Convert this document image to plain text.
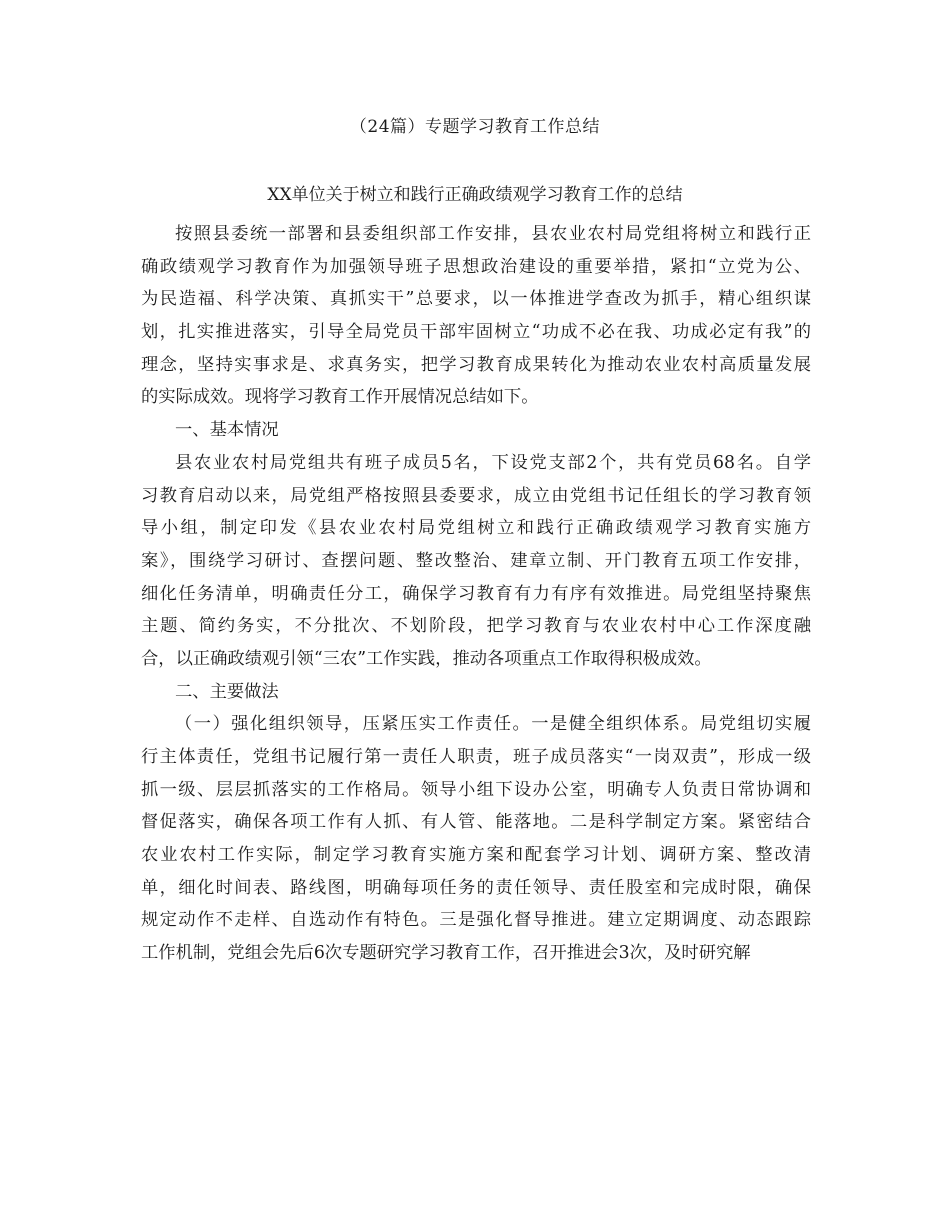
（24篇）专题学习教育工作总结
XX单位关于树立和践行正确政绩观学习教育工作的总结
按照县委统一部署和县委组织部工作安排，县农业农村局党组将树立和践行正
确政绩观学习教育作为加强领导班子思想政治建设的重要举措，紧扣“立党为公、
为民造福、科学决策、真抓实干”总要求，以一体推进学查改为抓手，精心组织谋
划，扎实推进落实，引导全局党员干部牢固树立“功成不必在我、功成必定有我”的
理念，坚持实事求是、求真务实，把学习教育成果转化为推动农业农村高质量发展
的实际成效。现将学习教育工作开展情况总结如下。
一、基本情况
县农业农村局党组共有班子成员5名，下设党支部2个，共有党员68名。自学
习教育启动以来，局党组严格按照县委要求，成立由党组书记任组长的学习教育领
导小组，制定印发《县农业农村局党组树立和践行正确政绩观学习教育实施方
案》，围绕学习研讨、查摆问题、整改整治、建章立制、开门教育五项工作安排，
细化任务清单，明确责任分工，确保学习教育有力有序有效推进。局党组坚持聚焦
主题、简约务实，不分批次、不划阶段，把学习教育与农业农村中心工作深度融
合，以正确政绩观引领“三农”工作实践，推动各项重点工作取得积极成效。
二、主要做法
（一）强化组织领导，压紧压实工作责任。一是健全组织体系。局党组切实履
行主体责任，党组书记履行第一责任人职责，班子成员落实“一岗双责”，形成一级
抓一级、层层抓落实的工作格局。领导小组下设办公室，明确专人负责日常协调和
督促落实，确保各项工作有人抓、有人管、能落地。二是科学制定方案。紧密结合
农业农村工作实际，制定学习教育实施方案和配套学习计划、调研方案、整改清
单，细化时间表、路线图，明确每项任务的责任领导、责任股室和完成时限，确保
规定动作不走样、自选动作有特色。三是强化督导推进。建立定期调度、动态跟踪
工作机制，党组会先后6次专题研究学习教育工作，召开推进会3次，及时研究解
